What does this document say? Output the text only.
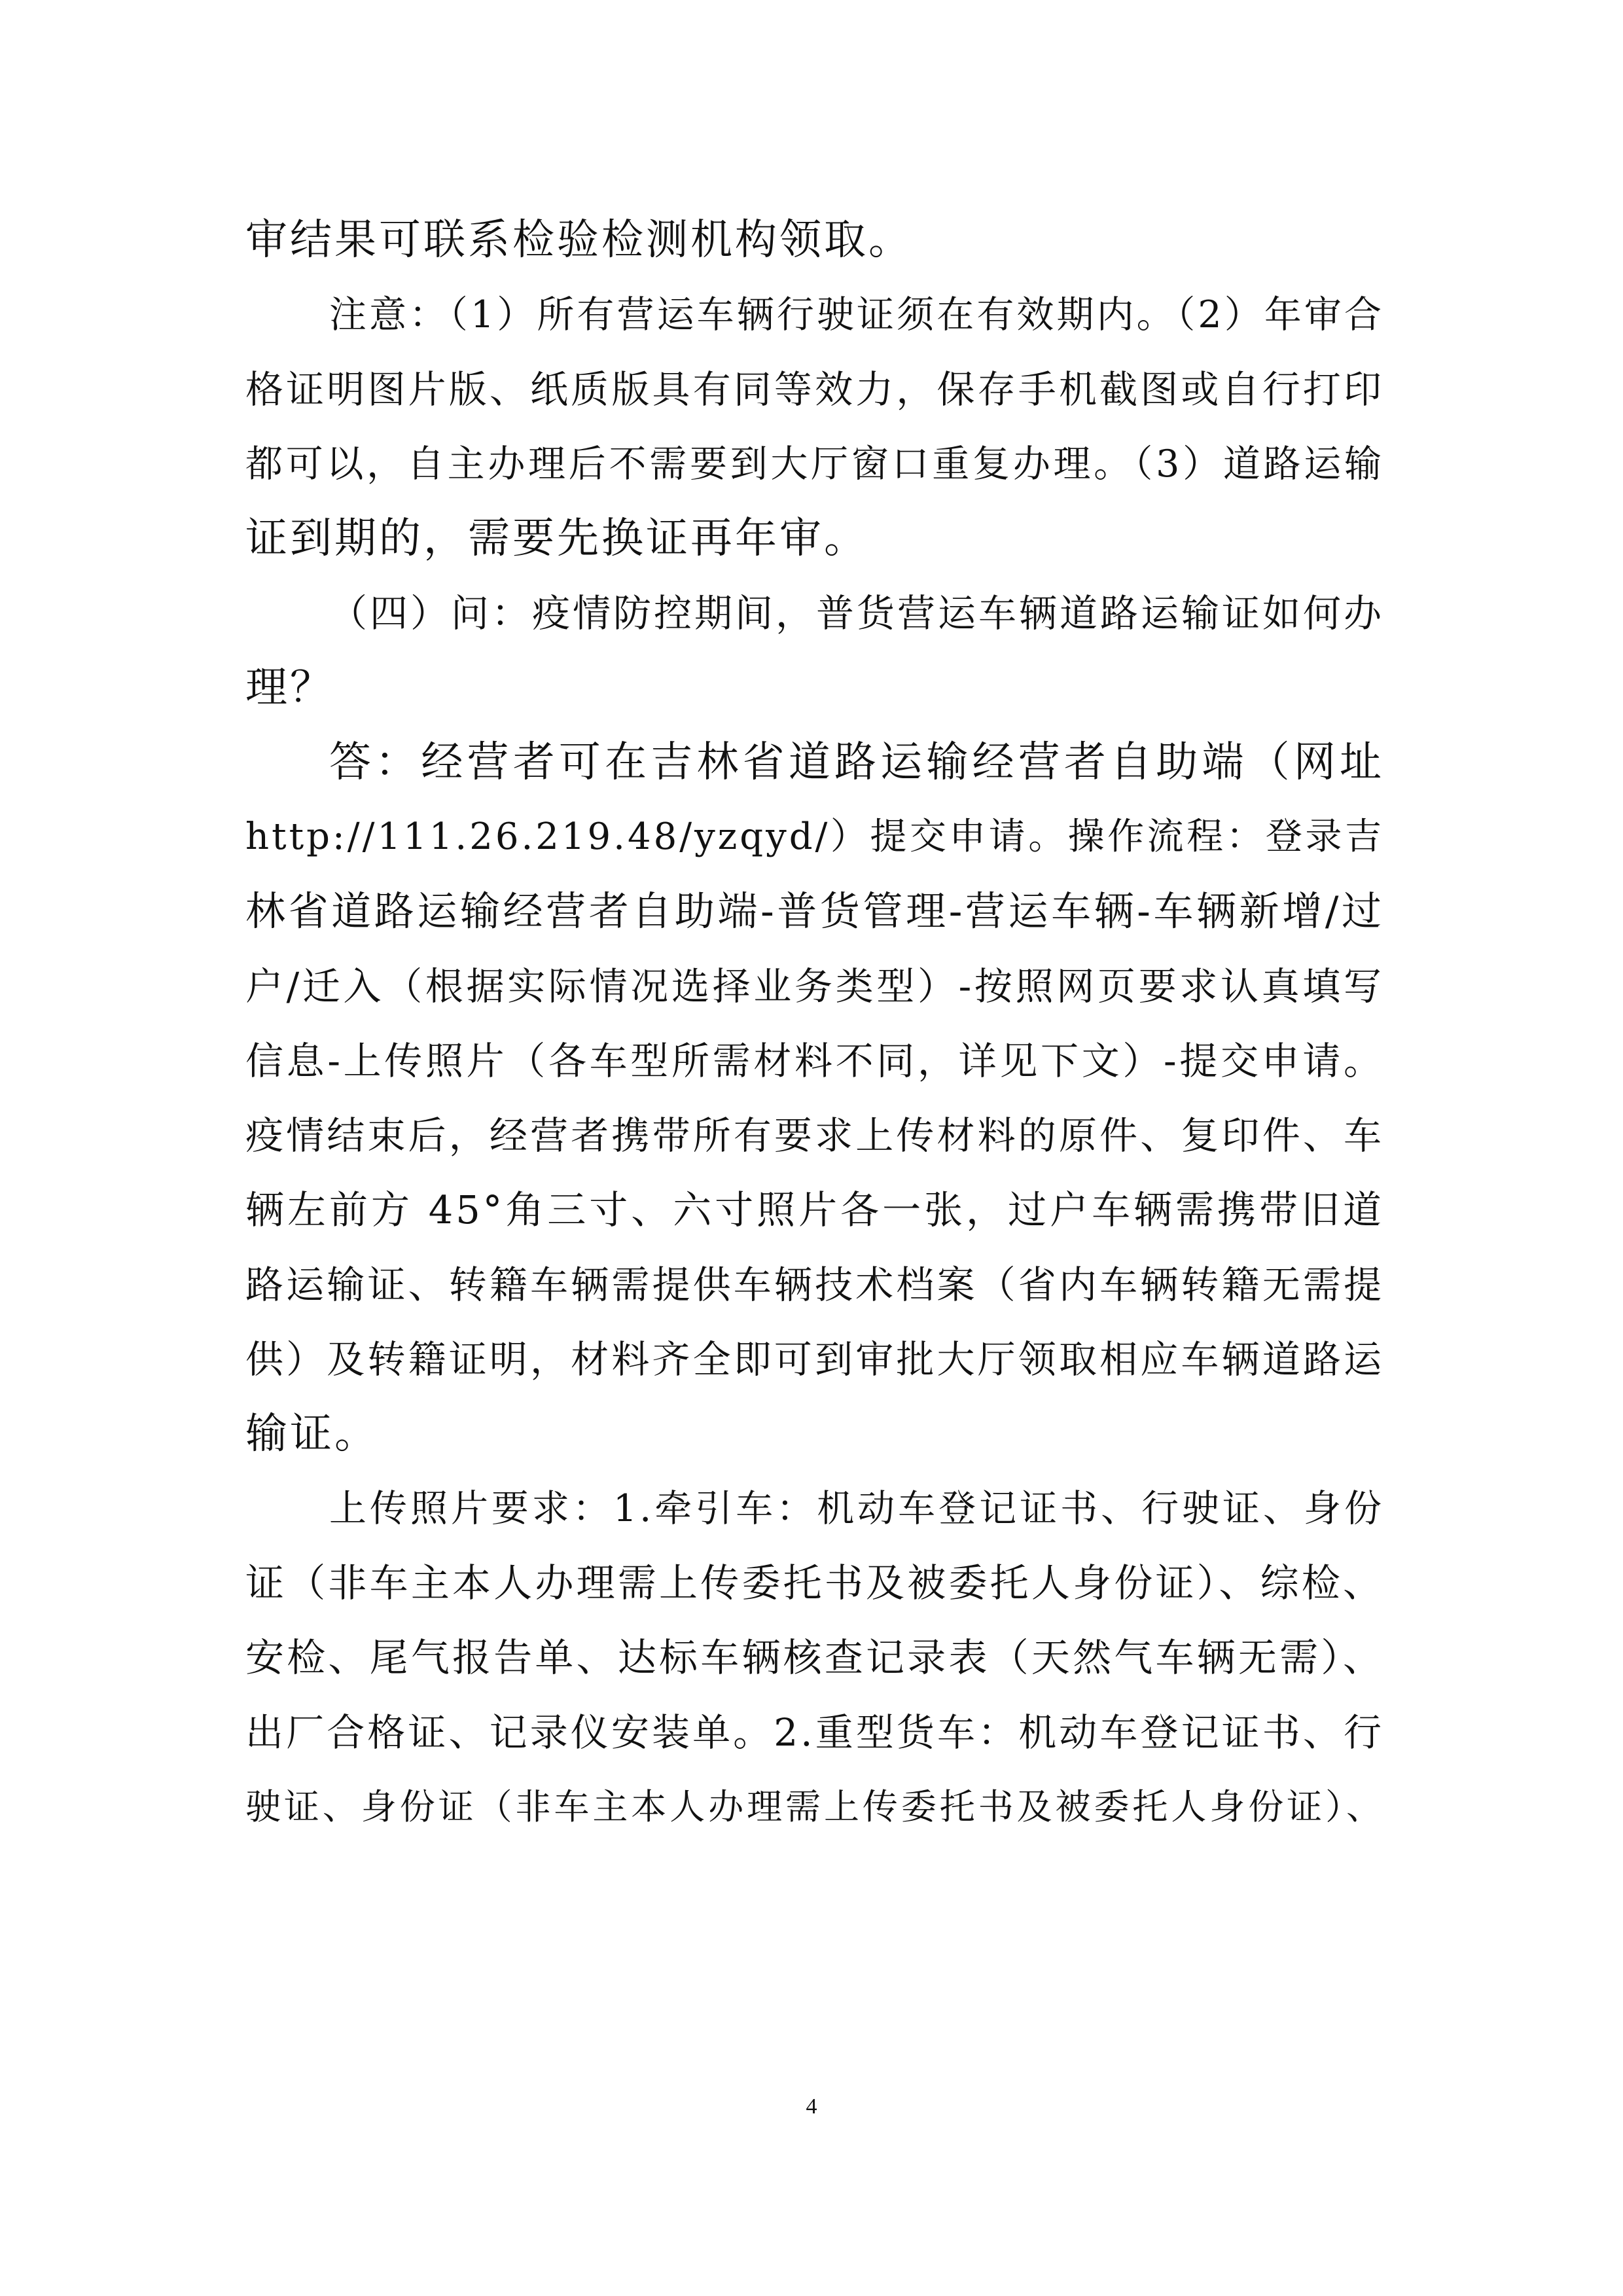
审结果可联系检验检测机构领取。
注意：（1）所有营运车辆行驶证须在有效期内。（2）年审合
格证明图片版、纸质版具有同等效力，保存手机截图或自行打印
都可以，自主办理后不需要到大厅窗口重复办理。（3）道路运输
证到期的，需要先换证再年审。
（四）问：疫情防控期间，普货营运车辆道路运输证如何办
理？
答：经营者可在吉林省道路运输经营者自助端（网址
http://111.26.219.48/yzqyd/）提交申请。操作流程：登录吉
林省道路运输经营者自助端-普货管理-营运车辆-车辆新增/过
户/迁入（根据实际情况选择业务类型）-按照网页要求认真填写
信息-上传照片（各车型所需材料不同，详见下文）-提交申请。
疫情结束后，经营者携带所有要求上传材料的原件、复印件、车
辆左前方 45°角三寸、六寸照片各一张，过户车辆需携带旧道
路运输证、转籍车辆需提供车辆技术档案（省内车辆转籍无需提
供）及转籍证明，材料齐全即可到审批大厅领取相应车辆道路运
输证。
上传照片要求：1.牵引车：机动车登记证书、行驶证、身份
证（非车主本人办理需上传委托书及被委托人身份证）、综检、
安检、尾气报告单、达标车辆核查记录表（天然气车辆无需）、
出厂合格证、记录仪安装单。2.重型货车：机动车登记证书、行
驶证、身份证（非车主本人办理需上传委托书及被委托人身份证）、
4
